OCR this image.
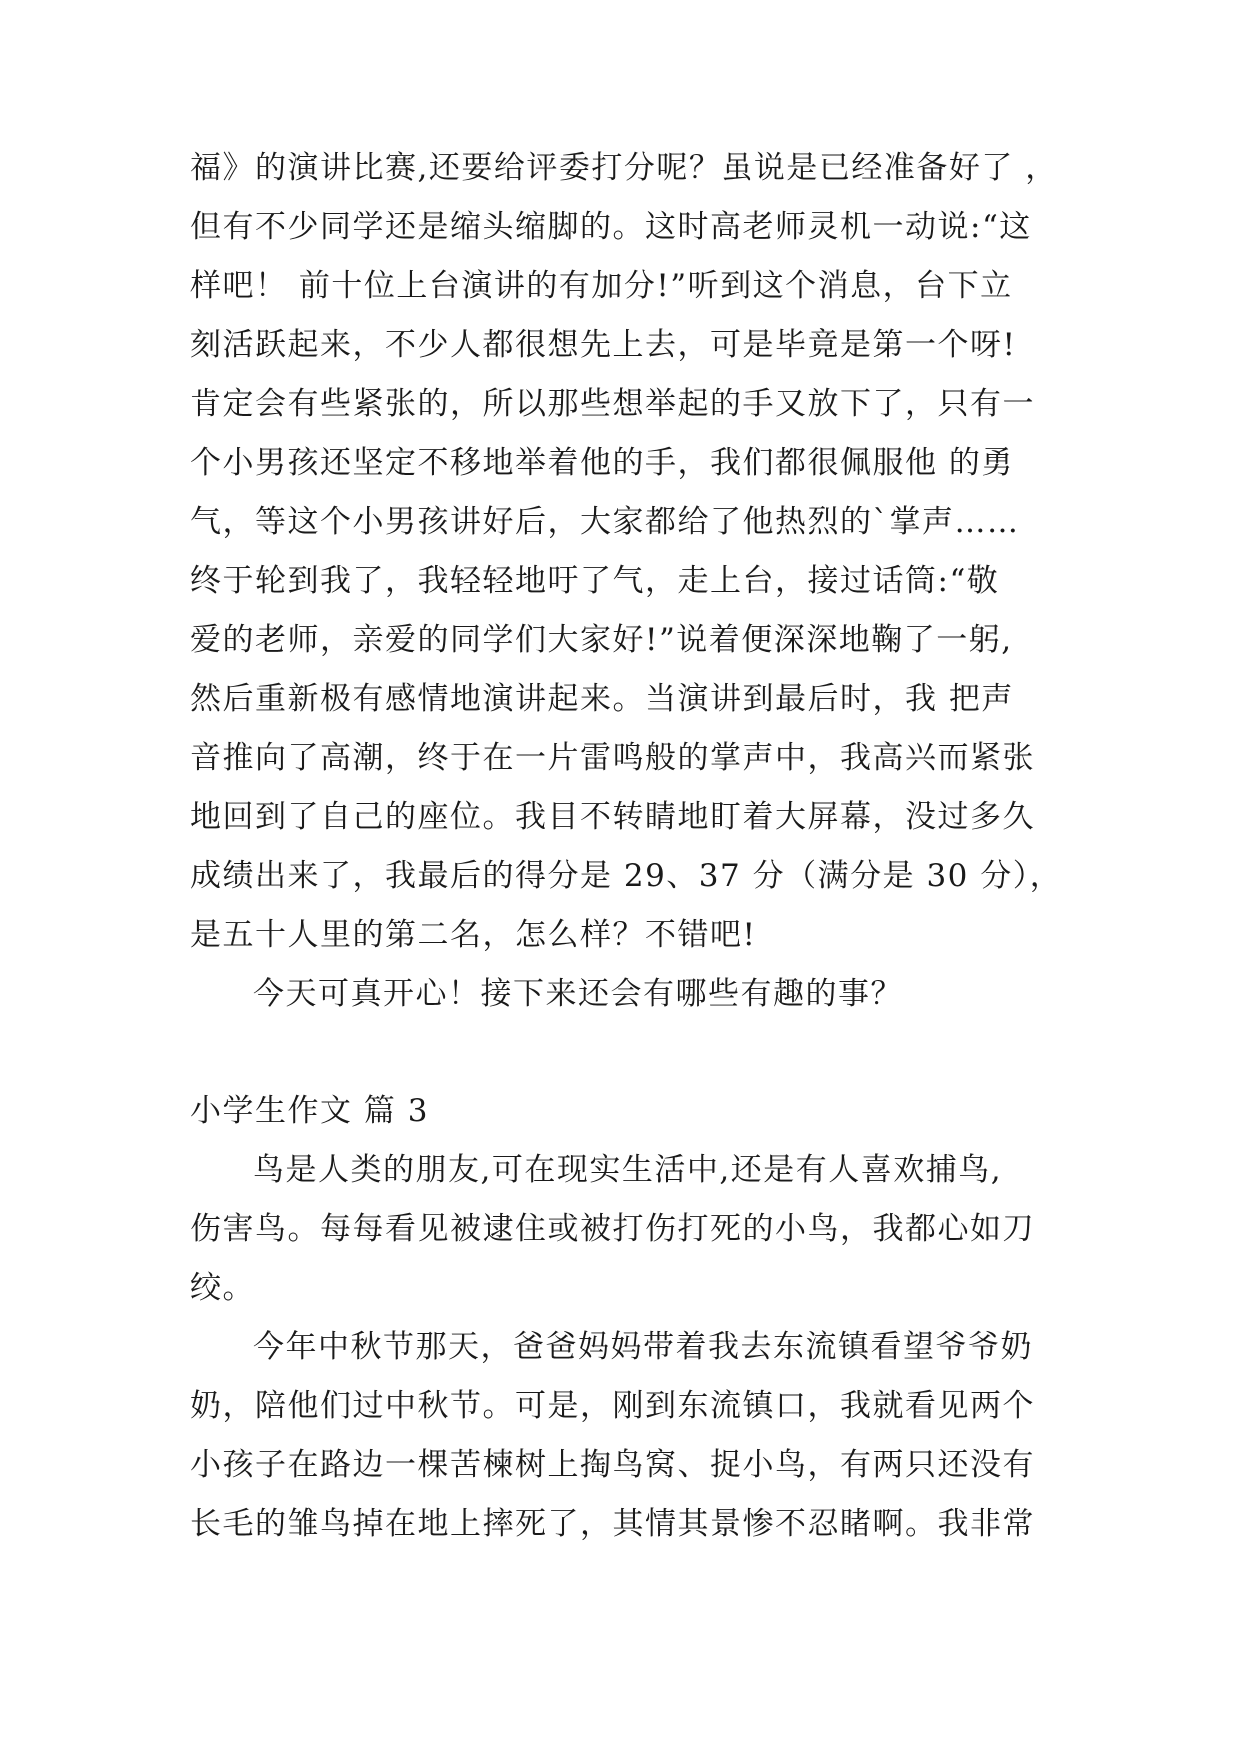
福》的演讲比赛,还要给评委打分呢？虽说是已经准备好了 ，
但有不少同学还是缩头缩脚的。这时高老师灵机一动说:“这
样吧！ 前十位上台演讲的有加分!”听到这个消息，台下立
刻活跃起来，不少人都很想先上去，可是毕竟是第一个呀!
肯定会有些紧张的，所以那些想举起的手又放下了，只有一
个小男孩还坚定不移地举着他的手，我们都很佩服他 的勇
气，等这个小男孩讲好后，大家都给了他热烈的`掌声……
终于轮到我了，我轻轻地吁了气，走上台，接过话筒:“敬
爱的老师，亲爱的同学们大家好!”说着便深深地鞠了一躬,
然后重新极有感情地演讲起来。当演讲到最后时，我 把声
音推向了高潮，终于在一片雷鸣般的掌声中，我高兴而紧张
地回到了自己的座位。我目不转睛地盯着大屏幕，没过多久
成绩出来了，我最后的得分是 29、37 分（满分是 30 分），
是五十人里的第二名，怎么样？不错吧!
今天可真开心！接下来还会有哪些有趣的事？
小学生作文 篇 3
鸟是人类的朋友,可在现实生活中,还是有人喜欢捕鸟,
伤害鸟。每每看见被逮住或被打伤打死的小鸟，我都心如刀
绞。
今年中秋节那天，爸爸妈妈带着我去东流镇看望爷爷奶
奶，陪他们过中秋节。可是，刚到东流镇口，我就看见两个
小孩子在路边一棵苦楝树上掏鸟窝、捉小鸟，有两只还没有
长毛的雏鸟掉在地上摔死了，其情其景惨不忍睹啊。我非常
